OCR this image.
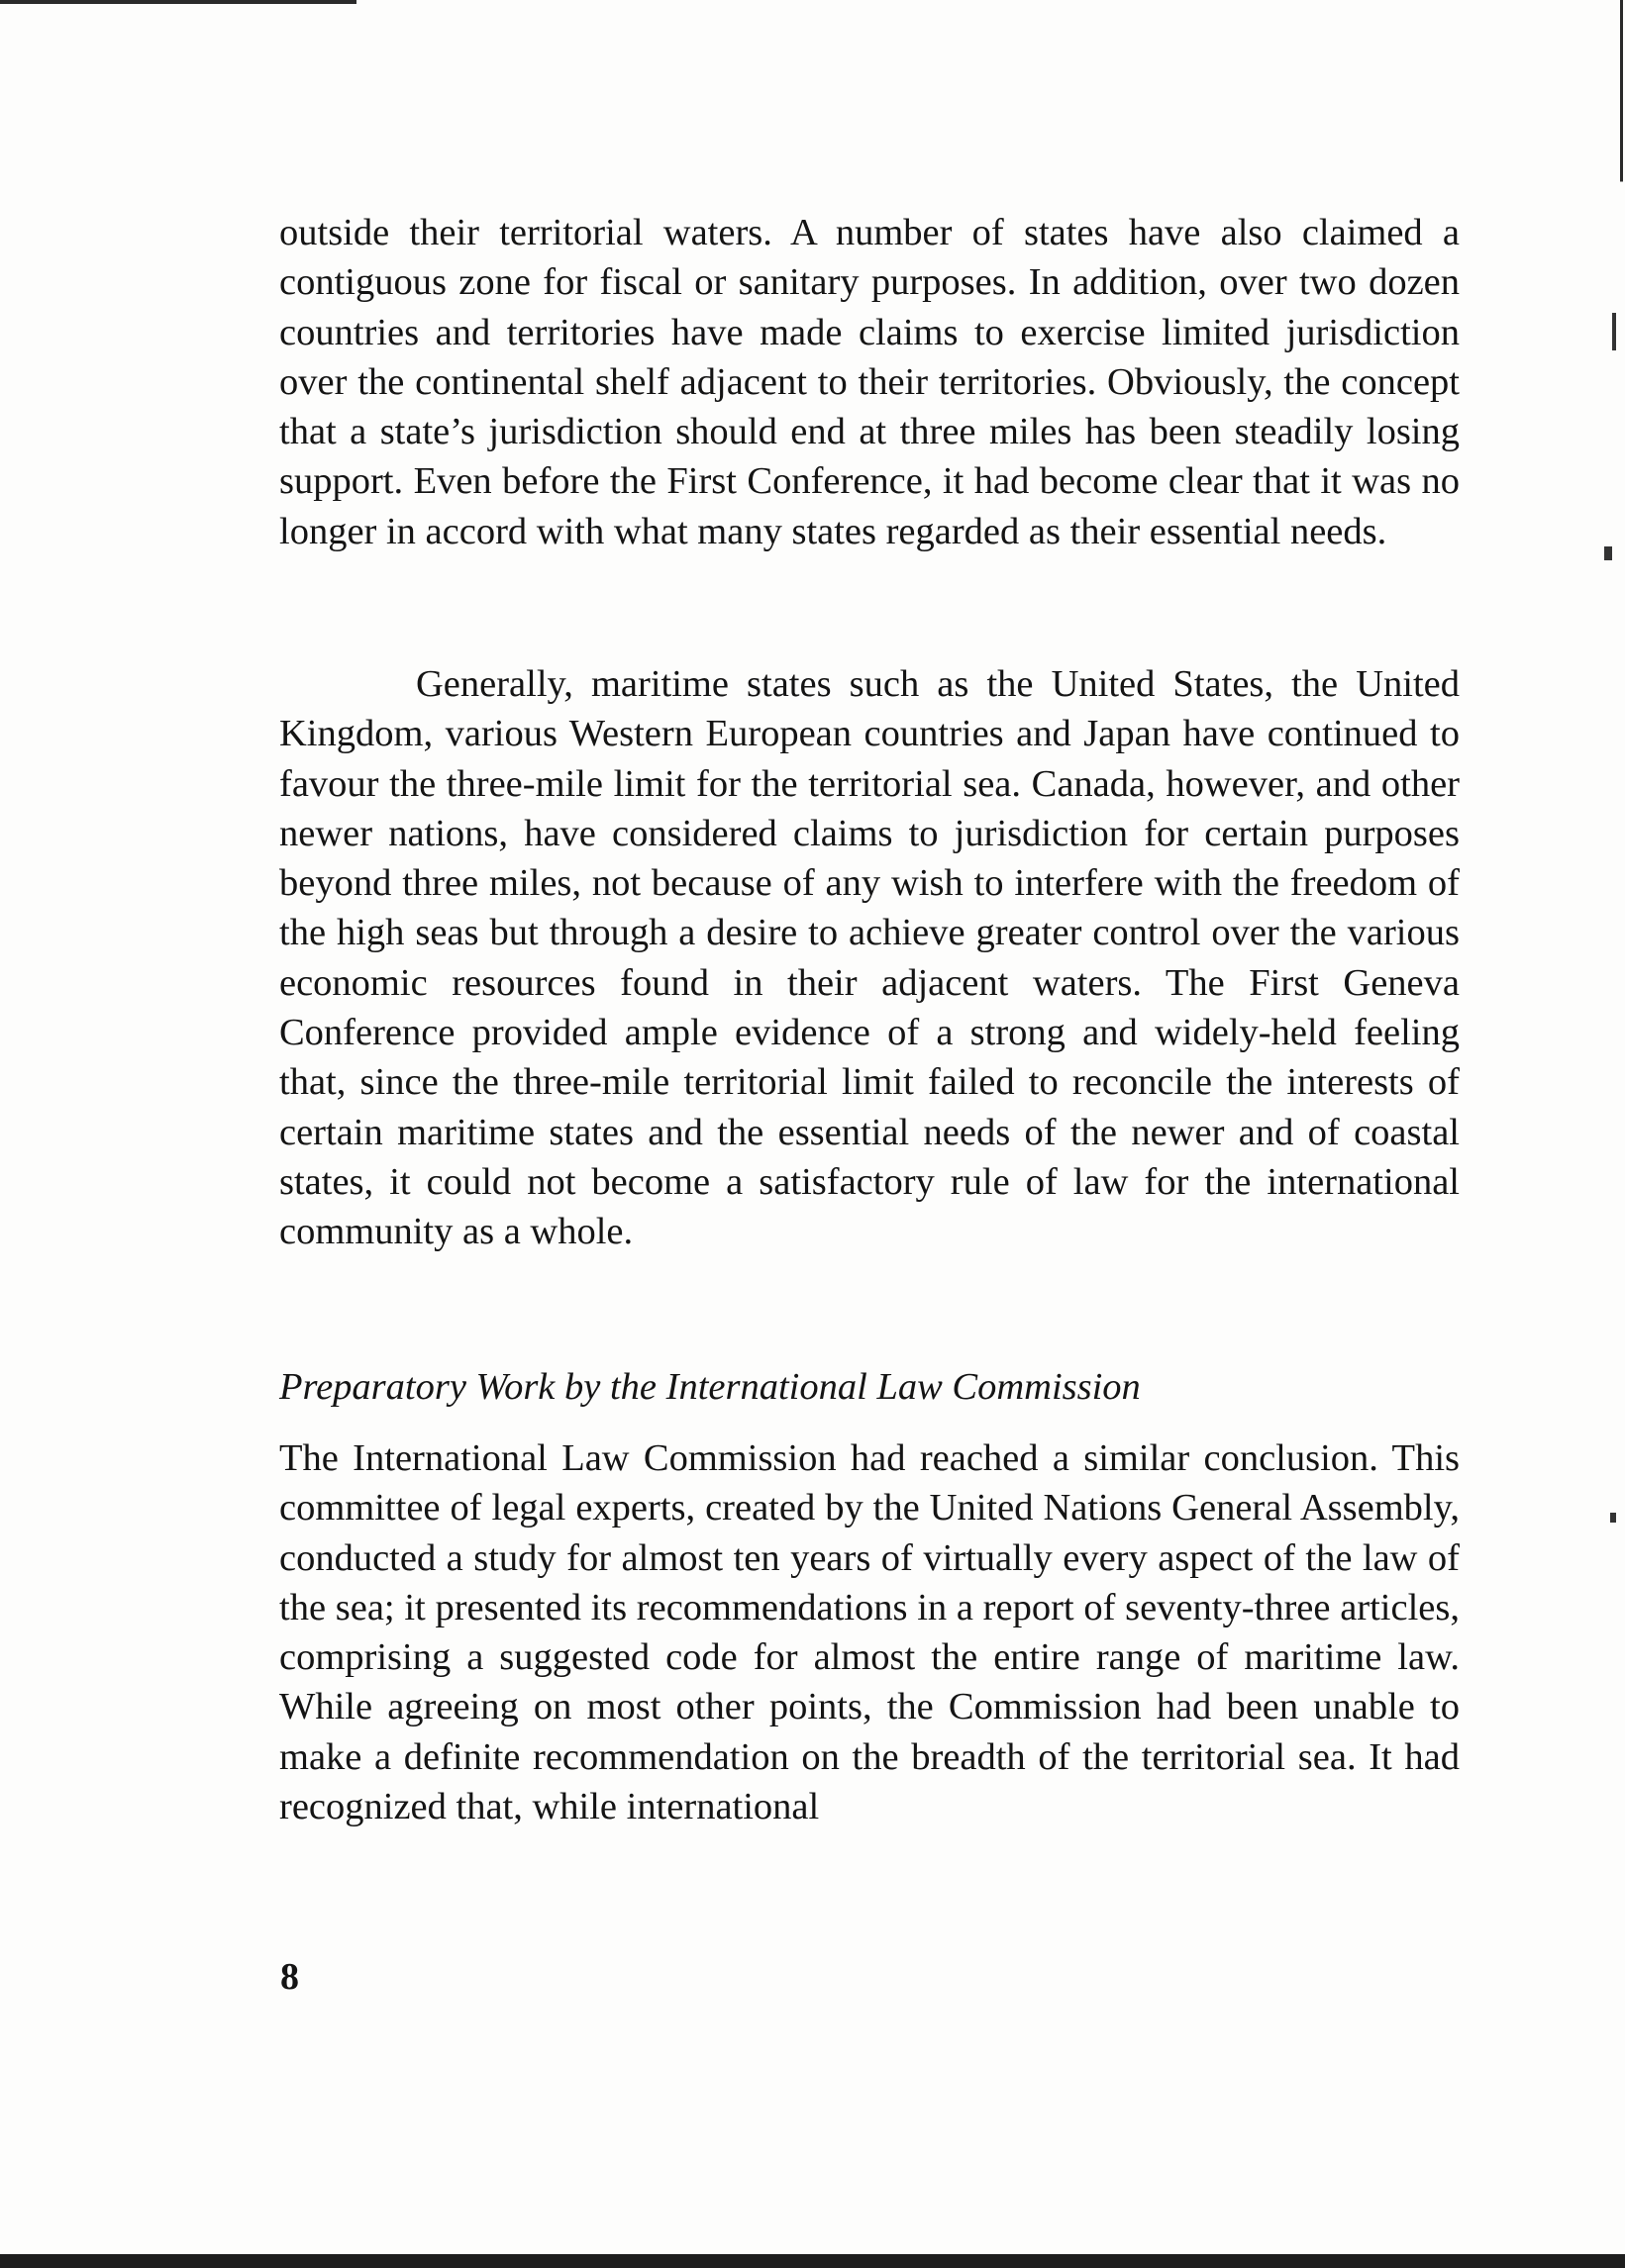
outside their territorial waters. A number of states have also claimed a contiguous zone for fiscal or sanitary purposes. In addition, over two dozen countries and territories have made claims to exercise limited jurisdiction over the continental shelf adjacent to their territories. Obviously, the concept that a state’s jurisdiction should end at three miles has been steadily losing support. Even before the First Conference, it had become clear that it was no longer in accord with what many states regarded as their essential needs.

Generally, maritime states such as the United States, the United Kingdom, various Western European countries and Japan have continued to favour the three-mile limit for the territorial sea. Canada, however, and other newer nations, have considered claims to jurisdiction for certain purposes beyond three miles, not because of any wish to interfere with the freedom of the high seas but through a desire to achieve greater control over the various economic resources found in their adjacent waters. The First Geneva Conference provided ample evidence of a strong and widely-held feeling that, since the three-mile territorial limit failed to reconcile the interests of certain maritime states and the essential needs of the newer and of coastal states, it could not become a satisfactory rule of law for the international community as a whole.

Preparatory Work by the International Law Commission

The International Law Commission had reached a similar conclusion. This committee of legal experts, created by the United Nations General Assembly, conducted a study for almost ten years of virtually every aspect of the law of the sea; it presented its recommendations in a report of seventy-three articles, comprising a suggested code for almost the entire range of maritime law. While agreeing on most other points, the Commission had been unable to make a definite recommendation on the breadth of the territorial sea. It had recognized that, while international

8
